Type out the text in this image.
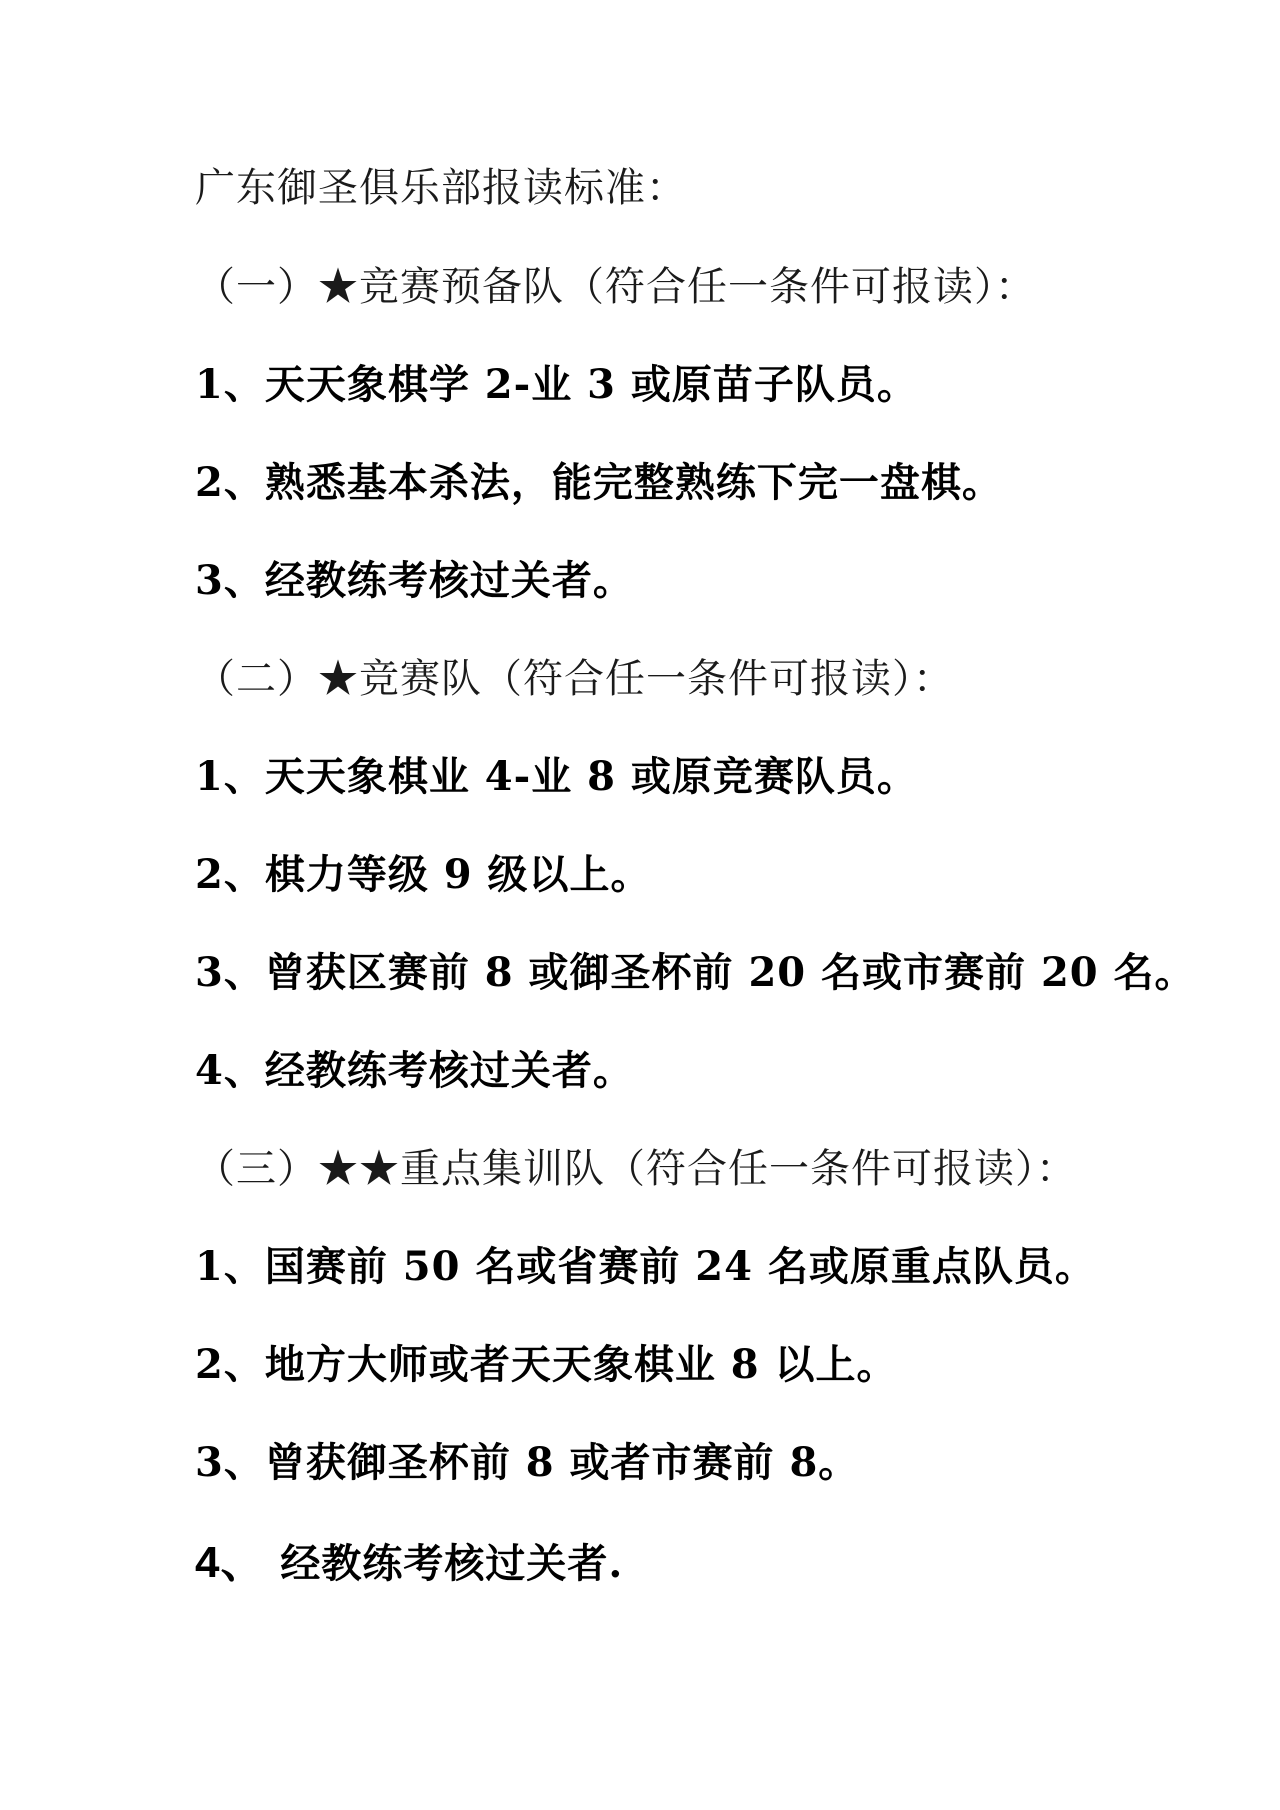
广东御圣俱乐部报读标准：
（一）★竞赛预备队（符合任一条件可报读）：
1、天天象棋学 2-业 3 或原苗子队员。
2、熟悉基本杀法，能完整熟练下完一盘棋。
3、经教练考核过关者。
（二）★竞赛队（符合任一条件可报读）：
1、天天象棋业 4-业 8 或原竞赛队员。
2、棋力等级 9 级以上。
3、曾获区赛前 8 或御圣杯前 20 名或市赛前 20 名。
4、经教练考核过关者。
（三）★★重点集训队（符合任一条件可报读）：
1、国赛前 50 名或省赛前 24 名或原重点队员。
2、地方大师或者天天象棋业 8 以上。
3、曾获御圣杯前 8 或者市赛前 8。
4、 经教练考核过关者.
